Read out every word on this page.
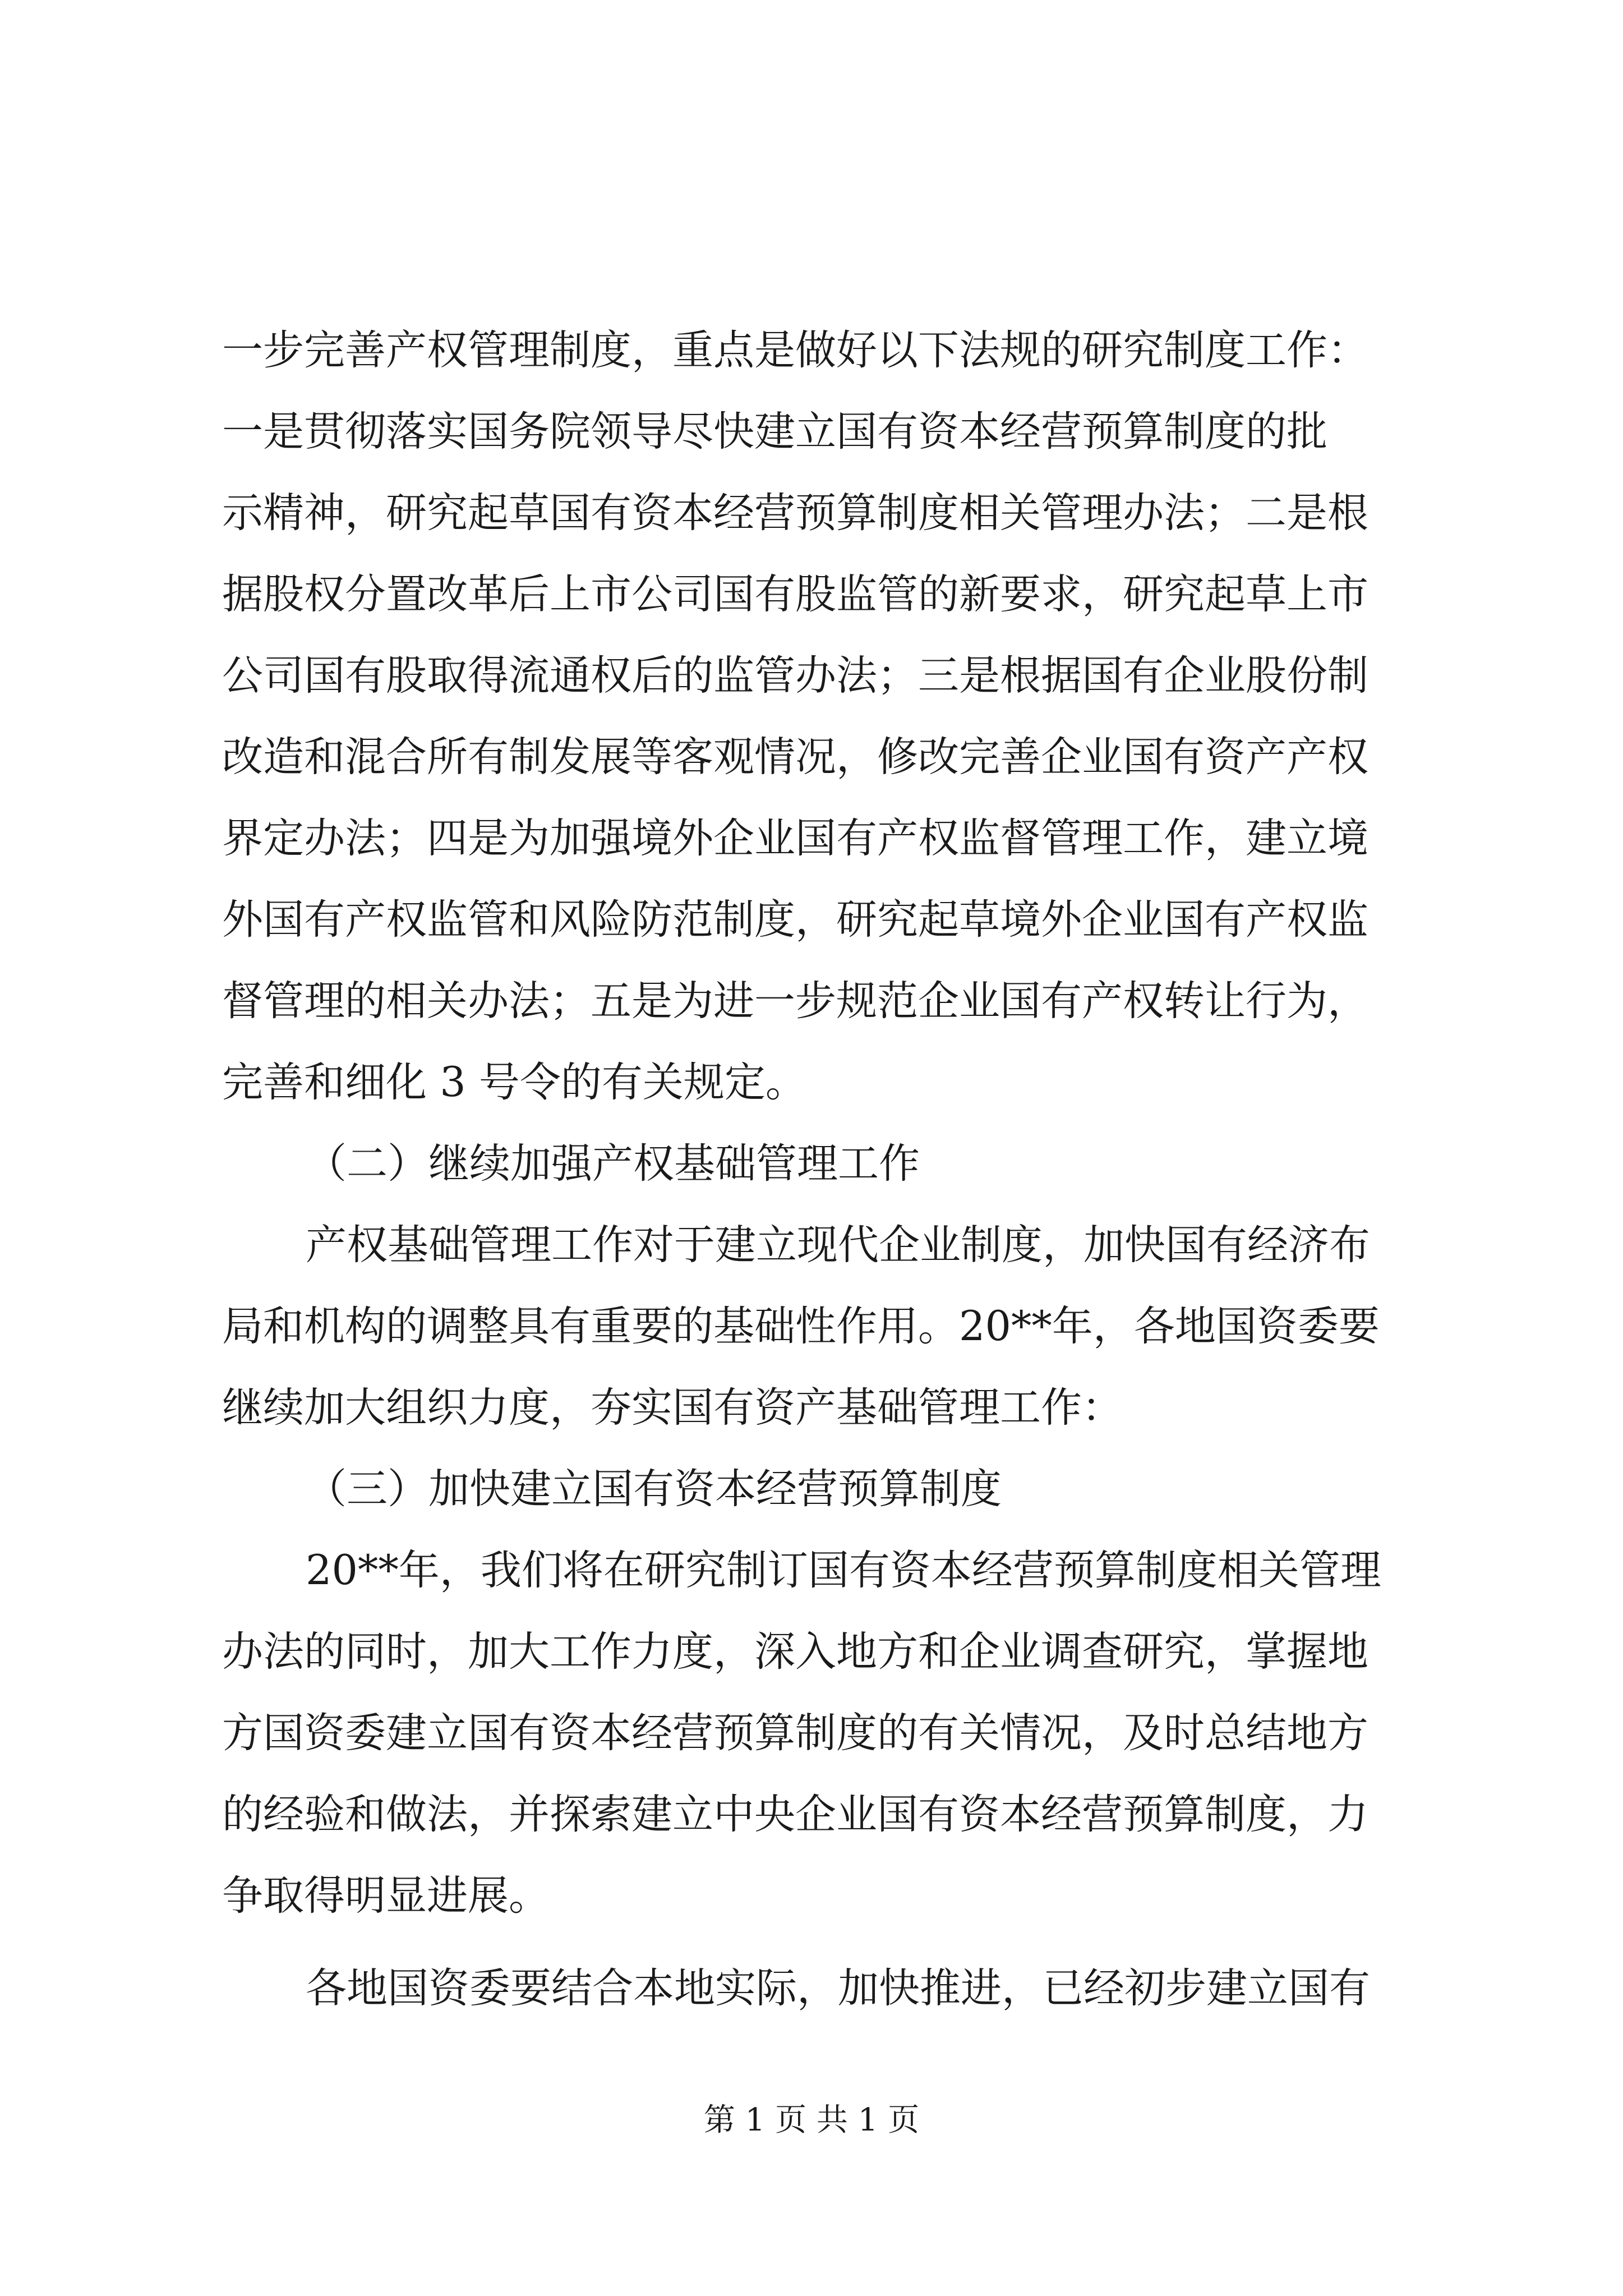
一步完善产权管理制度，重点是做好以下法规的研究制度工作：
一是贯彻落实国务院领导尽快建立国有资本经营预算制度的批
示精神，研究起草国有资本经营预算制度相关管理办法；二是根
据股权分置改革后上市公司国有股监管的新要求，研究起草上市
公司国有股取得流通权后的监管办法；三是根据国有企业股份制
改造和混合所有制发展等客观情况，修改完善企业国有资产产权
界定办法；四是为加强境外企业国有产权监督管理工作，建立境
外国有产权监管和风险防范制度，研究起草境外企业国有产权监
督管理的相关办法；五是为进一步规范企业国有产权转让行为，
完善和细化 3 号令的有关规定。
（二）继续加强产权基础管理工作
产权基础管理工作对于建立现代企业制度，加快国有经济布
局和机构的调整具有重要的基础性作用。20**年，各地国资委要
继续加大组织力度，夯实国有资产基础管理工作：
（三）加快建立国有资本经营预算制度
20**年，我们将在研究制订国有资本经营预算制度相关管理
办法的同时，加大工作力度，深入地方和企业调查研究，掌握地
方国资委建立国有资本经营预算制度的有关情况，及时总结地方
的经验和做法，并探索建立中央企业国有资本经营预算制度，力
争取得明显进展。
各地国资委要结合本地实际，加快推进，已经初步建立国有
第 1 页 共 1 页
